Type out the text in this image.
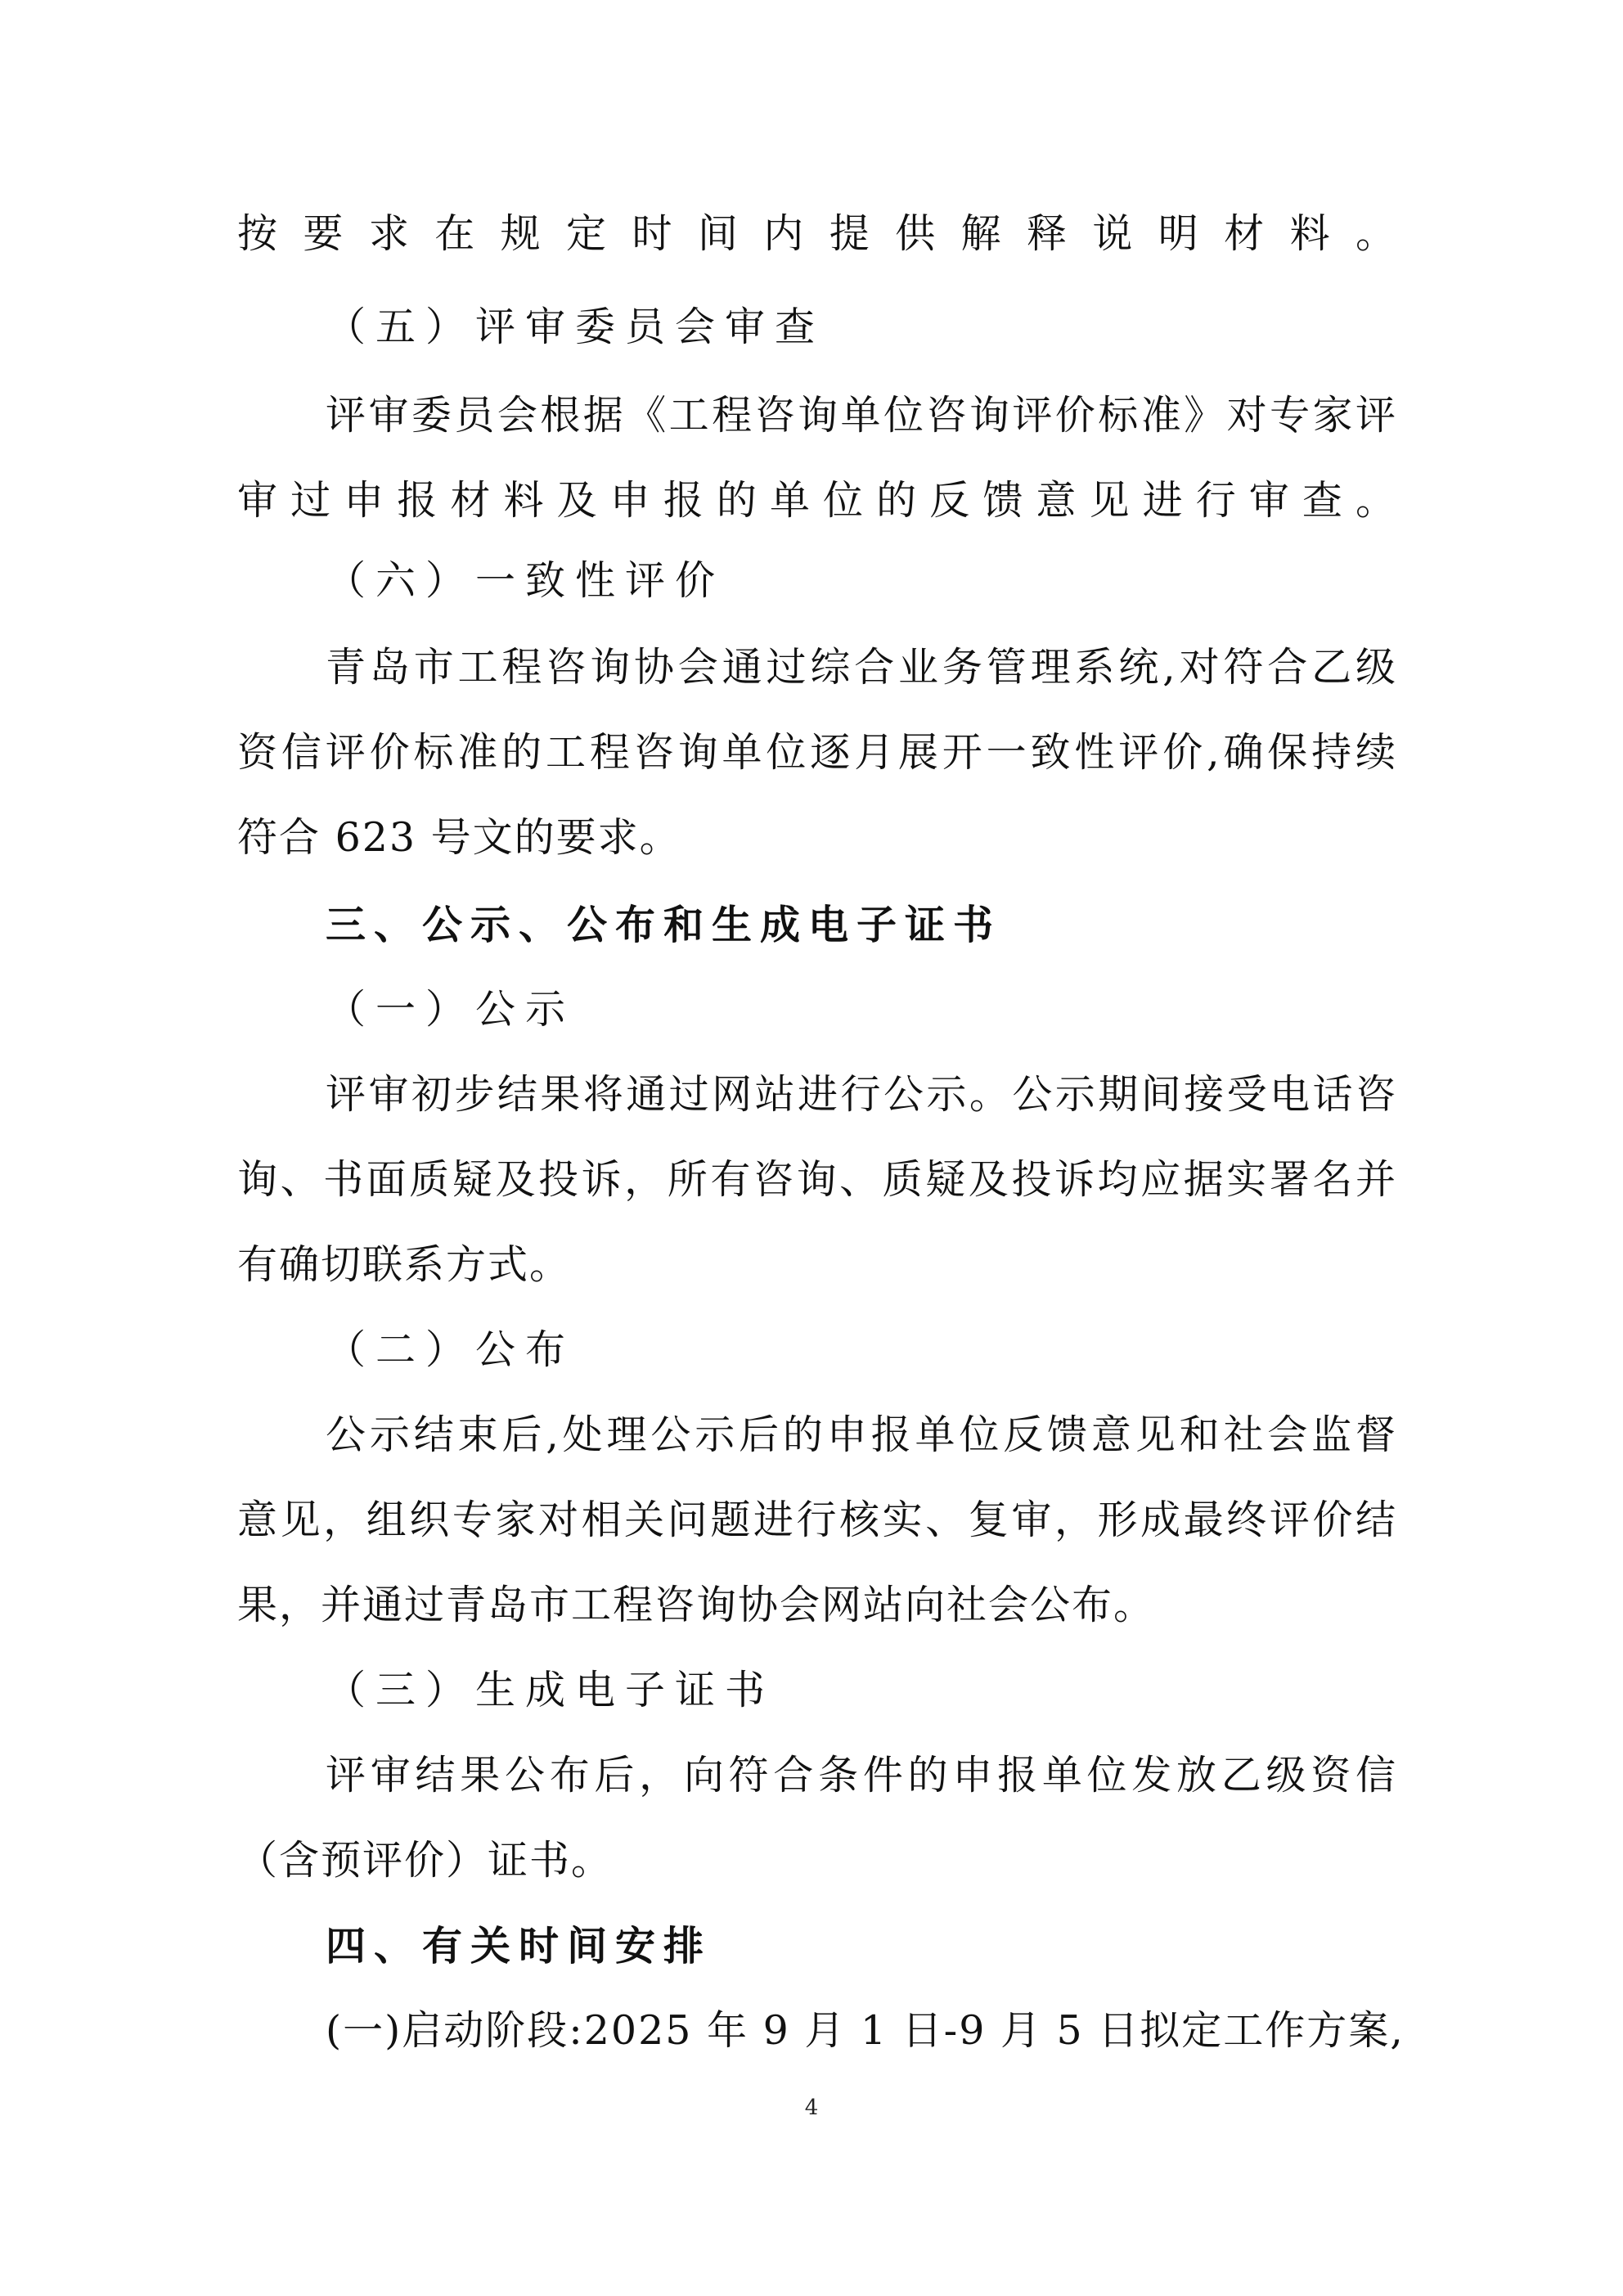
按要求在规定时间内提供解释说明材料。
（五）评审委员会审查
评审委员会根据《工程咨询单位咨询评价标准》对专家评
审过申报材料及申报的单位的反馈意见进行审查。
（六）一致性评价
青岛市工程咨询协会通过综合业务管理系统,对符合乙级
资信评价标准的工程咨询单位逐月展开一致性评价,确保持续
符合 623 号文的要求。
三、公示、公布和生成电子证书
（一）公示
评审初步结果将通过网站进行公示。公示期间接受电话咨
询、书面质疑及投诉，所有咨询、质疑及投诉均应据实署名并
有确切联系方式。
（二）公布
公示结束后,处理公示后的申报单位反馈意见和社会监督
意见，组织专家对相关问题进行核实、复审，形成最终评价结
果，并通过青岛市工程咨询协会网站向社会公布。
（三）生成电子证书
评审结果公布后，向符合条件的申报单位发放乙级资信
（含预评价）证书。
四、有关时间安排
(一)启动阶段:2025 年 9 月 1 日-9 月 5 日拟定工作方案,
4
